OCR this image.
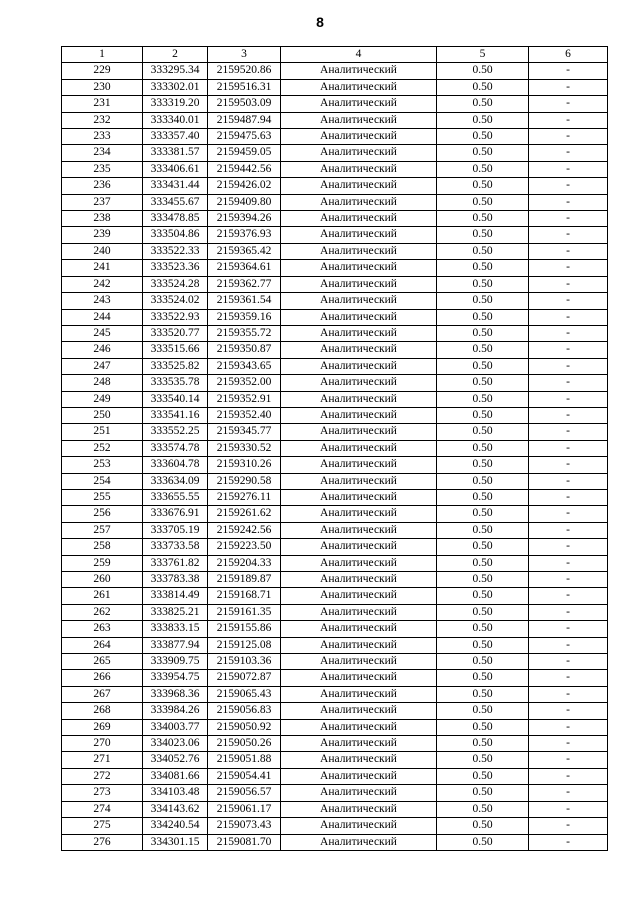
8
1	2	3	4	5	6
229	333295.34	2159520.86	Аналитический	0.50	-
230	333302.01	2159516.31	Аналитический	0.50	-
231	333319.20	2159503.09	Аналитический	0.50	-
232	333340.01	2159487.94	Аналитический	0.50	-
233	333357.40	2159475.63	Аналитический	0.50	-
234	333381.57	2159459.05	Аналитический	0.50	-
235	333406.61	2159442.56	Аналитический	0.50	-
236	333431.44	2159426.02	Аналитический	0.50	-
237	333455.67	2159409.80	Аналитический	0.50	-
238	333478.85	2159394.26	Аналитический	0.50	-
239	333504.86	2159376.93	Аналитический	0.50	-
240	333522.33	2159365.42	Аналитический	0.50	-
241	333523.36	2159364.61	Аналитический	0.50	-
242	333524.28	2159362.77	Аналитический	0.50	-
243	333524.02	2159361.54	Аналитический	0.50	-
244	333522.93	2159359.16	Аналитический	0.50	-
245	333520.77	2159355.72	Аналитический	0.50	-
246	333515.66	2159350.87	Аналитический	0.50	-
247	333525.82	2159343.65	Аналитический	0.50	-
248	333535.78	2159352.00	Аналитический	0.50	-
249	333540.14	2159352.91	Аналитический	0.50	-
250	333541.16	2159352.40	Аналитический	0.50	-
251	333552.25	2159345.77	Аналитический	0.50	-
252	333574.78	2159330.52	Аналитический	0.50	-
253	333604.78	2159310.26	Аналитический	0.50	-
254	333634.09	2159290.58	Аналитический	0.50	-
255	333655.55	2159276.11	Аналитический	0.50	-
256	333676.91	2159261.62	Аналитический	0.50	-
257	333705.19	2159242.56	Аналитический	0.50	-
258	333733.58	2159223.50	Аналитический	0.50	-
259	333761.82	2159204.33	Аналитический	0.50	-
260	333783.38	2159189.87	Аналитический	0.50	-
261	333814.49	2159168.71	Аналитический	0.50	-
262	333825.21	2159161.35	Аналитический	0.50	-
263	333833.15	2159155.86	Аналитический	0.50	-
264	333877.94	2159125.08	Аналитический	0.50	-
265	333909.75	2159103.36	Аналитический	0.50	-
266	333954.75	2159072.87	Аналитический	0.50	-
267	333968.36	2159065.43	Аналитический	0.50	-
268	333984.26	2159056.83	Аналитический	0.50	-
269	334003.77	2159050.92	Аналитический	0.50	-
270	334023.06	2159050.26	Аналитический	0.50	-
271	334052.76	2159051.88	Аналитический	0.50	-
272	334081.66	2159054.41	Аналитический	0.50	-
273	334103.48	2159056.57	Аналитический	0.50	-
274	334143.62	2159061.17	Аналитический	0.50	-
275	334240.54	2159073.43	Аналитический	0.50	-
276	334301.15	2159081.70	Аналитический	0.50	-
